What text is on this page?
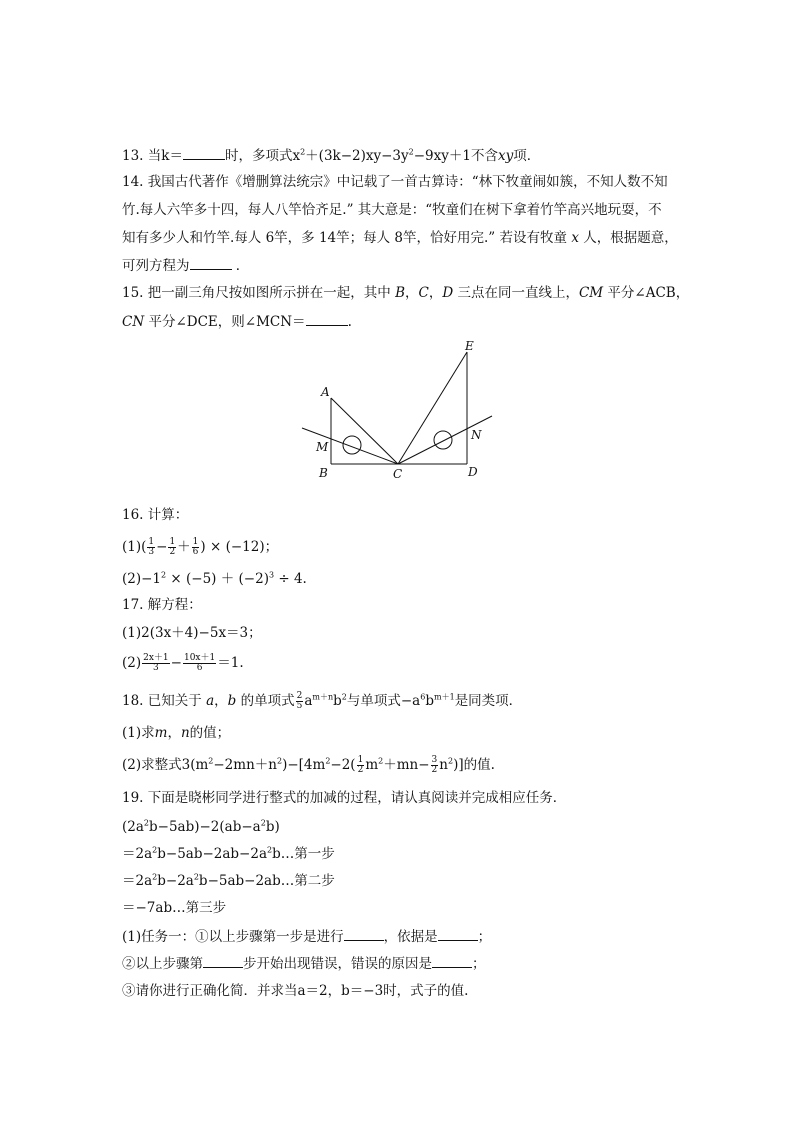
13. 当k＝	时，多项式$x^2+(3k-2)xy-3y^2-9xy+1$不含xy项．
14. 我国古代著作《增删算法统宗》中记载了一首古算诗：“林下牧童闹如簇，不知人数不知
竹.每人六竿多十四，每人八竿恰齐足.” 其大意是：“牧童们在树下拿着竹竿高兴地玩耍，不
知有多少人和竹竿.每人 6竿，多 14竿；每人 8竿，恰好用完.” 若设有牧童 x 人，根据题意，
可列方程为	．
15. 把一副三角尺按如图所示拼在一起，其中 B，C，D 三点在同一直线上，CM 平分∠ACB，
CN 平分∠DCE，则∠MCN＝	.
A
B	C	D
E
M
N
16. 计算：
$(1)( \frac{1}{3} - \frac{1}{2} + \frac{1}{6}$ ) × (−12)；
$(2)-1^2 \times (-5) + (-2)^3 \div 4$.
17. 解方程：
(1)2(3x＋4)−5x＝3；
$(2) \frac{2x+1}{3} - \frac{10x+1}{6} =1$.
18. 已知关于 a，b 的单项式 $\frac{2}{5} a^{m+n}b^2$与单项式$-a^6b^{m+1}$是同类项．
(1)求m，n的值；
(2)求整式$3(m^2-2mn+n^2)-[4m^2-2( \frac{1}{2} m^2+mn- \frac{3}{2} n^2)]$的值.
19. 下面是晓彬同学进行整式的加减的过程，请认真阅读并完成相应任务．
$(2a^2b-5ab)-2(ab-a^2b)$
$=2a^2b-5ab-2ab-2a^2b\dots$第一步
$=2a^2b-2a^2b-5ab-2ab\dots$第二步
＝−7ab…第三步
(1)任务一：①以上步骤第一步是进行	，依据是	；
②以上步骤第	步开始出现错误，错误的原因是	；
③请你进行正确化简．并求当a＝2，b＝−3时，式子的值.
